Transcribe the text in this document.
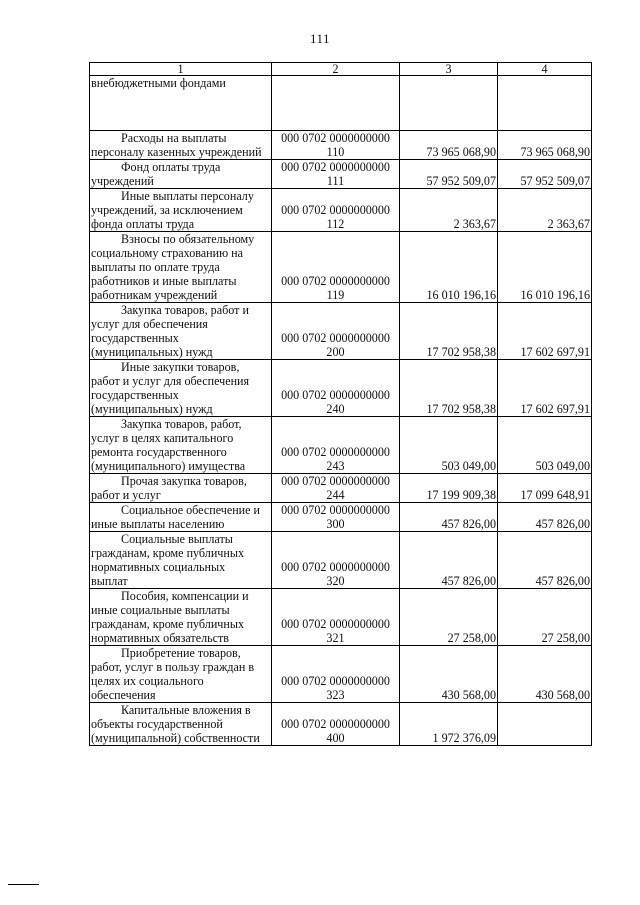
111
1	2	3	4

внебюджетными фондами			

Расходы на выплаты
персоналу казенных учреждений	000 0702 0000000000
110	73 965 068,90	73 965 068,90

Фонд оплаты труда
учреждений	000 0702 0000000000
111	57 952 509,07	57 952 509,07

Иные выплаты персоналу
учреждений, за исключением
фонда оплаты труда	000 0702 0000000000
112	2 363,67	2 363,67

Взносы по обязательному
социальному страхованию на
выплаты по оплате труда
работников и иные выплаты
работникам учреждений	000 0702 0000000000
119	16 010 196,16	16 010 196,16

Закупка товаров, работ и
услуг для обеспечения
государственных
(муниципальных) нужд	000 0702 0000000000
200	17 702 958,38	17 602 697,91

Иные закупки товаров,
работ и услуг для обеспечения
государственных
(муниципальных) нужд	000 0702 0000000000
240	17 702 958,38	17 602 697,91

Закупка товаров, работ,
услуг в целях капитального
ремонта государственного
(муниципального) имущества	000 0702 0000000000
243	503 049,00	503 049,00

Прочая закупка товаров,
работ и услуг	000 0702 0000000000
244	17 199 909,38	17 099 648,91

Социальное обеспечение и
иные выплаты населению	000 0702 0000000000
300	457 826,00	457 826,00

Социальные выплаты
гражданам, кроме публичных
нормативных социальных
выплат	000 0702 0000000000
320	457 826,00	457 826,00

Пособия, компенсации и
иные социальные выплаты
гражданам, кроме публичных
нормативных обязательств	000 0702 0000000000
321	27 258,00	27 258,00

Приобретение товаров,
работ, услуг в пользу граждан в
целях их социального
обеспечения	000 0702 0000000000
323	430 568,00	430 568,00

Капитальные вложения в
объекты государственной
(муниципальной) собственности	000 0702 0000000000
400	1 972 376,09	
